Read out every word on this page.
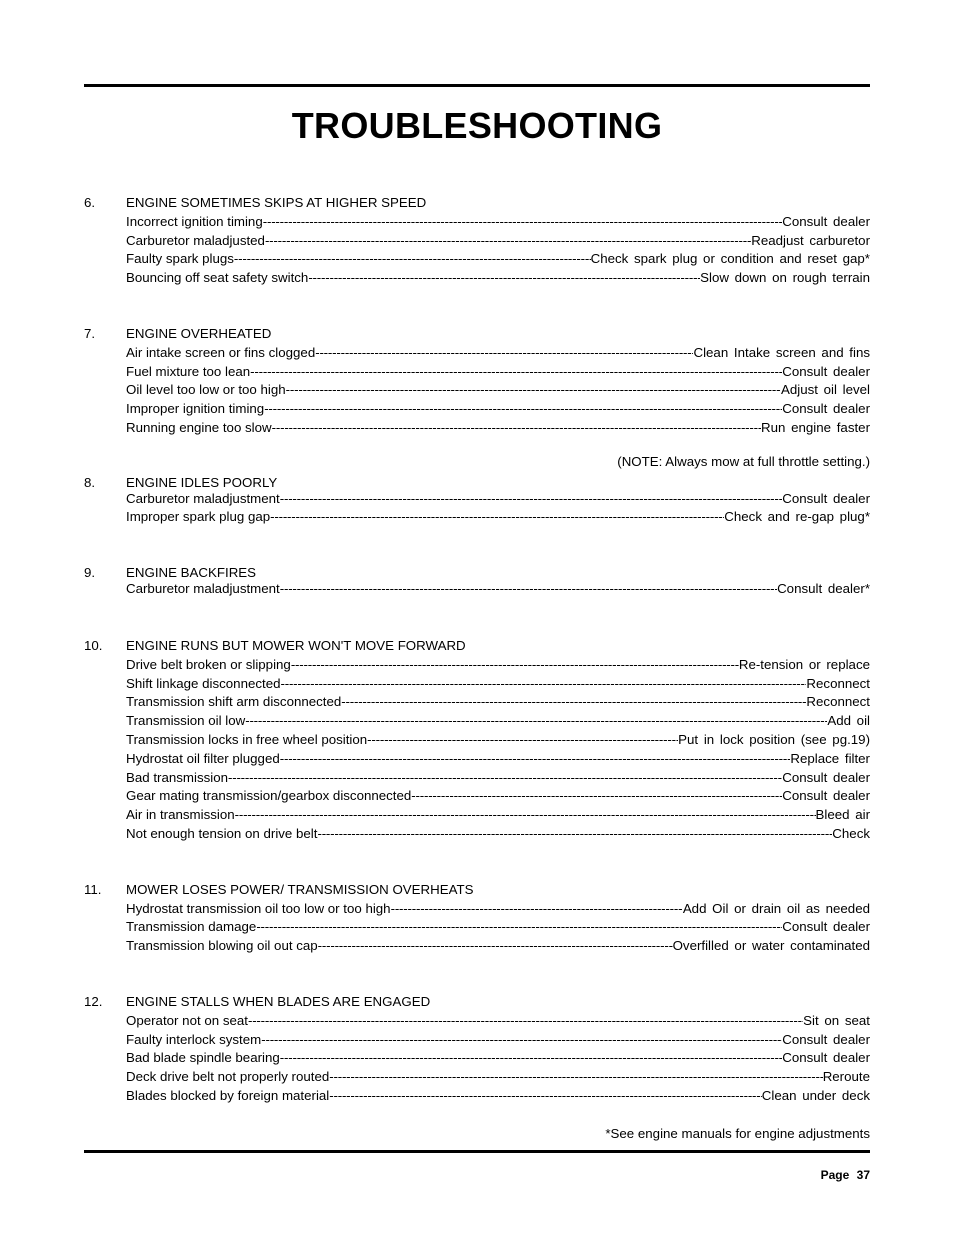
TROUBLESHOOTING
6. ENGINE SOMETIMES SKIPS AT HIGHER SPEED
Incorrect ignition timing -----	Consult dealer
Carburetor maladjusted -----	Readjust carburetor
Faulty spark plugs -----	Check spark plug or condition and reset gap*
Bouncing off seat safety switch -----	Slow down on rough terrain
7. ENGINE OVERHEATED
Air intake screen or fins clogged -----	Clean Intake screen and fins
Fuel mixture too lean -----	Consult dealer
Oil level too low or too high -----	Adjust oil level
Improper ignition timing -----	Consult dealer
Running engine too slow -----	Run engine faster
(NOTE: Always mow at full throttle setting.)
8. ENGINE IDLES POORLY
Carburetor maladjustment -----	Consult dealer
Improper spark plug gap -----	Check and re-gap plug*
9. ENGINE BACKFIRES
Carburetor maladjustment -----	Consult dealer*
10. ENGINE RUNS BUT MOWER WON'T MOVE FORWARD
Drive belt broken or slipping -----	Re-tension or replace
Shift linkage disconnected -----	Reconnect
Transmission shift arm disconnected -----	Reconnect
Transmission oil low -----	Add oil
Transmission locks in free wheel position -----	Put in lock position (see pg.19)
Hydrostat oil filter plugged -----	Replace filter
Bad transmission -----	Consult dealer
Gear mating transmission/gearbox disconnected -----	Consult dealer
Air in transmission -----	Bleed air
Not enough tension on drive belt -----	Check
11. MOWER LOSES POWER/ TRANSMISSION OVERHEATS
Hydrostat transmission oil too low or too high -----	Add Oil or drain oil as needed
Transmission damage -----	Consult dealer
Transmission blowing oil out cap -----	Overfilled or water contaminated
12. ENGINE STALLS WHEN BLADES ARE ENGAGED
Operator not on seat -----	Sit on seat
Faulty interlock system -----	Consult dealer
Bad blade spindle bearing -----	Consult dealer
Deck drive belt not properly routed -----	Reroute
Blades blocked by foreign material -----	Clean under deck
*See engine manuals for engine adjustments
Page 37
